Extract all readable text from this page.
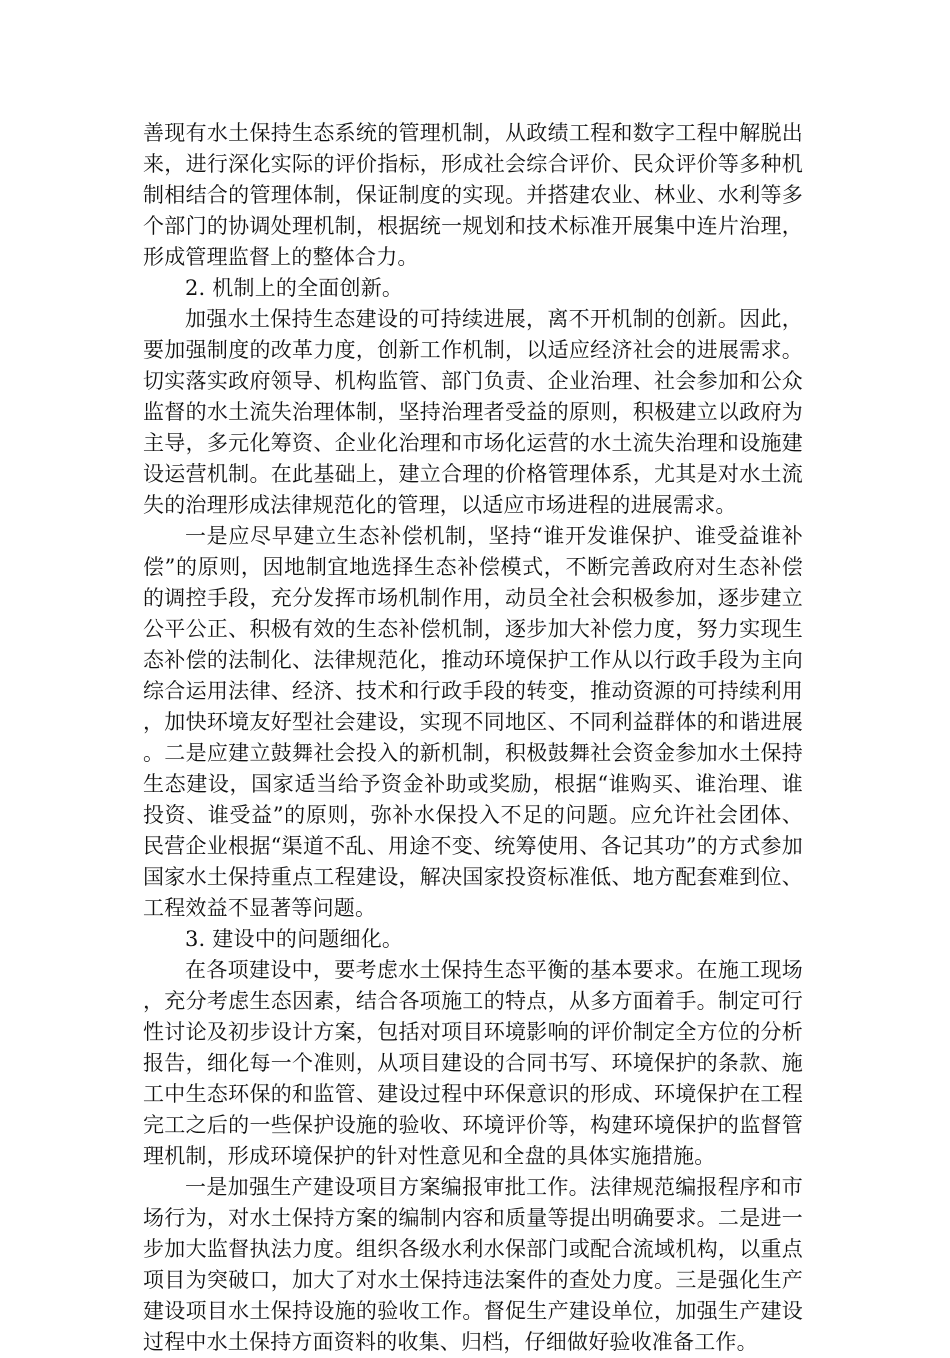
善现有水土保持生态系统的管理机制，从政绩工程和数字工程中解脱出来，进行深化实际的评价指标，形成社会综合评价、民众评价等多种机制相结合的管理体制，保证制度的实现。并搭建农业、林业、水利等多个部门的协调处理机制，根据统一规划和技术标准开展集中连片治理，形成管理监督上的整体合力。

2. 机制上的全面创新。

加强水土保持生态建设的可持续进展，离不开机制的创新。因此，要加强制度的改革力度，创新工作机制，以适应经济社会的进展需求。切实落实政府领导、机构监管、部门负责、企业治理、社会参加和公众监督的水土流失治理体制，坚持治理者受益的原则，积极建立以政府为主导，多元化筹资、企业化治理和市场化运营的水土流失治理和设施建设运营机制。在此基础上，建立合理的价格管理体系，尤其是对水土流失的治理形成法律规范化的管理，以适应市场进程的进展需求。

一是应尽早建立生态补偿机制，坚持“谁开发谁保护、谁受益谁补偿”的原则，因地制宜地选择生态补偿模式，不断完善政府对生态补偿的调控手段，充分发挥市场机制作用，动员全社会积极参加，逐步建立公平公正、积极有效的生态补偿机制，逐步加大补偿力度，努力实现生态补偿的法制化、法律规范化，推动环境保护工作从以行政手段为主向综合运用法律、经济、技术和行政手段的转变，推动资源的可持续利用，加快环境友好型社会建设，实现不同地区、不同利益群体的和谐进展。二是应建立鼓舞社会投入的新机制，积极鼓舞社会资金参加水土保持生态建设，国家适当给予资金补助或奖励，根据“谁购买、谁治理、谁投资、谁受益”的原则，弥补水保投入不足的问题。应允许社会团体、民营企业根据“渠道不乱、用途不变、统筹使用、各记其功”的方式参加国家水土保持重点工程建设，解决国家投资标准低、地方配套难到位、工程效益不显著等问题。

3. 建设中的问题细化。

在各项建设中，要考虑水土保持生态平衡的基本要求。在施工现场，充分考虑生态因素，结合各项施工的特点，从多方面着手。制定可行性讨论及初步设计方案，包括对项目环境影响的评价制定全方位的分析报告，细化每一个准则，从项目建设的合同书写、环境保护的条款、施工中生态环保的和监管、建设过程中环保意识的形成、环境保护在工程完工之后的一些保护设施的验收、环境评价等，构建环境保护的监督管理机制，形成环境保护的针对性意见和全盘的具体实施措施。

一是加强生产建设项目方案编报审批工作。法律规范编报程序和市场行为，对水土保持方案的编制内容和质量等提出明确要求。二是进一步加大监督执法力度。组织各级水利水保部门或配合流域机构，以重点项目为突破口，加大了对水土保持违法案件的查处力度。三是强化生产建设项目水土保持设施的验收工作。督促生产建设单位，加强生产建设过程中水土保持方面资料的收集、归档，仔细做好验收准备工作。
